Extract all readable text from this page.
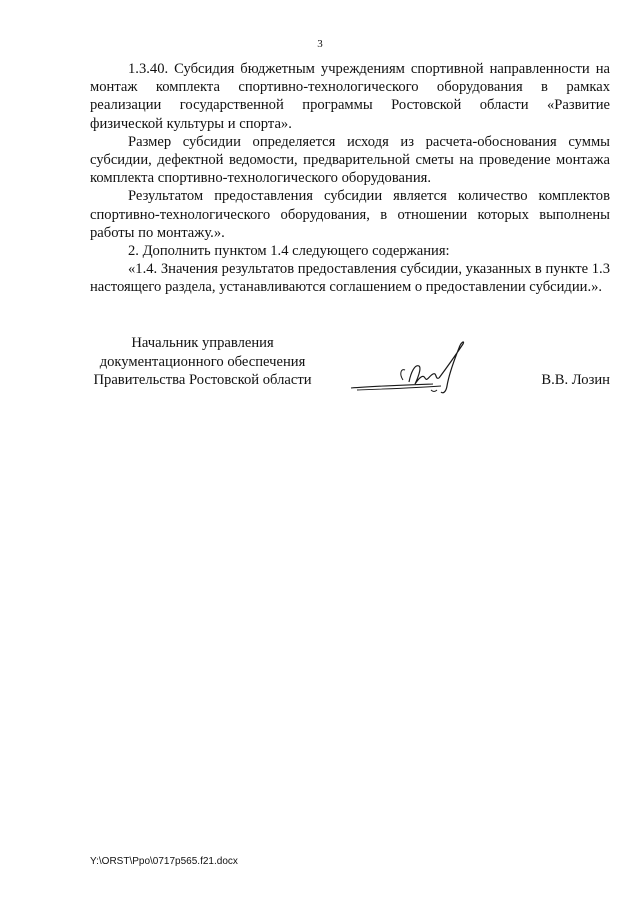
3

1.3.40. Субсидия бюджетным учреждениям спортивной направленности на монтаж комплекта спортивно-технологического оборудования в рамках реализации государственной программы Ростовской области «Развитие физической культуры и спорта».

Размер субсидии определяется исходя из расчета-обоснования суммы субсидии, дефектной ведомости, предварительной сметы на проведение монтажа комплекта спортивно-технологического оборудования.

Результатом предоставления субсидии является количество комплектов спортивно-технологического оборудования, в отношении которых выполнены работы по монтажу.».

2. Дополнить пунктом 1.4 следующего содержания:

«1.4. Значения результатов предоставления субсидии, указанных в пункте 1.3 настоящего раздела, устанавливаются соглашением о предоставлении субсидии.».

Начальник управления
документационного обеспечения
Правительства Ростовской области	В.В. Лозин
Y:\ORST\Ppo\0717p565.f21.docx
